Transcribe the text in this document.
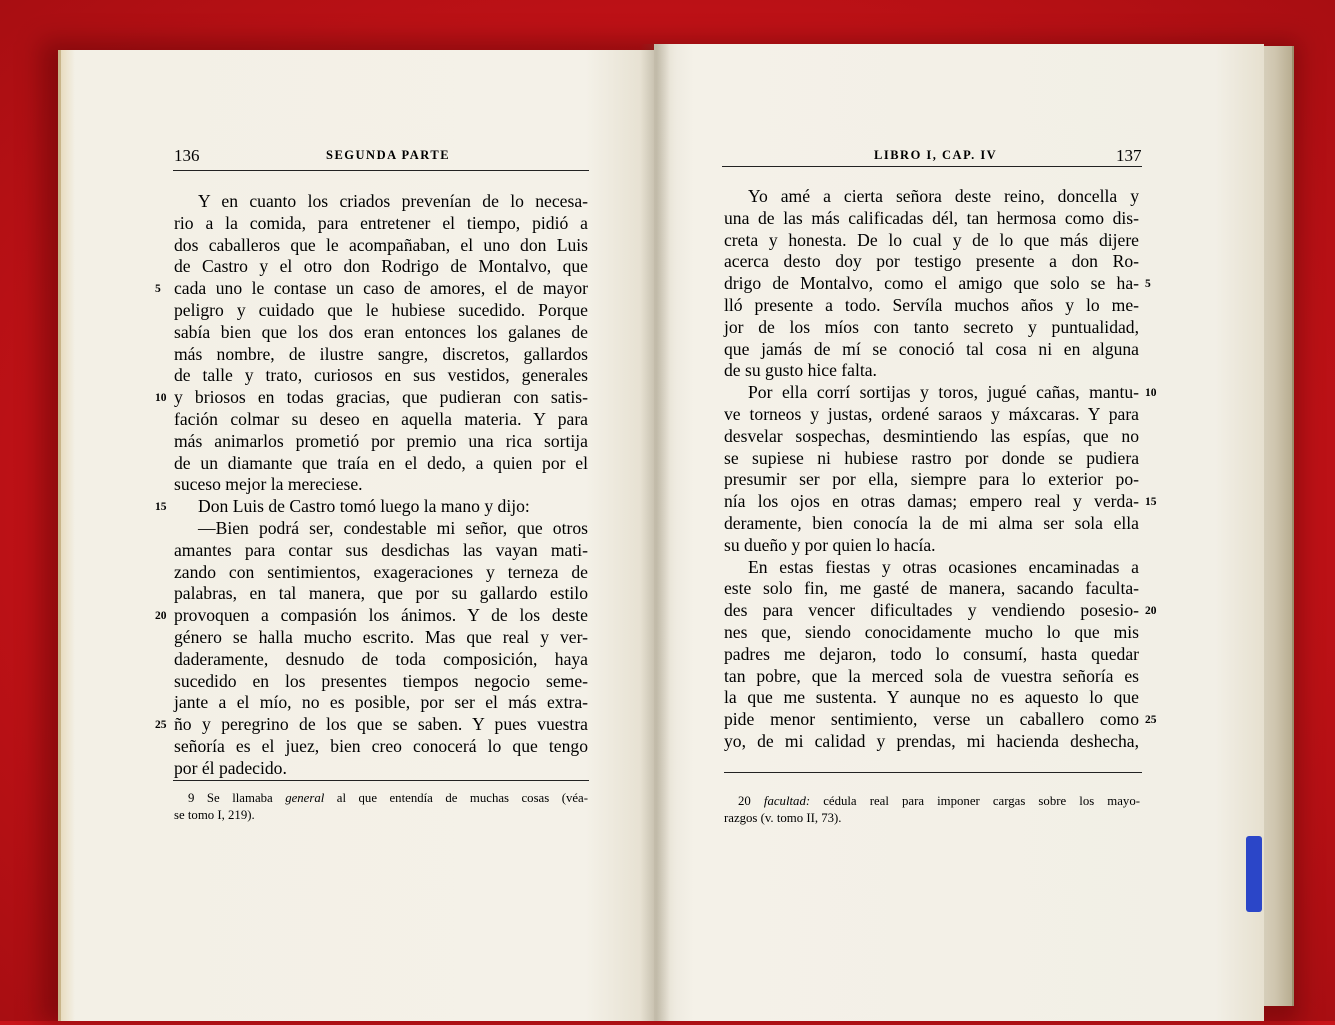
136	SEGUNDA PARTE
Y en cuanto los criados prevenían de lo necesa-
rio a la comida, para entretener el tiempo, pidió a
dos caballeros que le acompañaban, el uno don Luis
de Castro y el otro don Rodrigo de Montalvo, que
cada uno le contase un caso de amores, el de mayor
peligro y cuidado que le hubiese sucedido. Porque
sabía bien que los dos eran entonces los galanes de
más nombre, de ilustre sangre, discretos, gallardos
de talle y trato, curiosos en sus vestidos, generales
y briosos en todas gracias, que pudieran con satis-
fación colmar su deseo en aquella materia. Y para
más animarlos prometió por premio una rica sortija
de un diamante que traía en el dedo, a quien por el
suceso mejor la mereciese.
Don Luis de Castro tomó luego la mano y dijo:
—Bien podrá ser, condestable mi señor, que otros
amantes para contar sus desdichas las vayan mati-
zando con sentimientos, exageraciones y terneza de
palabras, en tal manera, que por su gallardo estilo
provoquen a compasión los ánimos. Y de los deste
género se halla mucho escrito. Mas que real y ver-
daderamente, desnudo de toda composición, haya
sucedido en los presentes tiempos negocio seme-
jante a el mío, no es posible, por ser el más extra-
ño y peregrino de los que se saben. Y pues vuestra
señoría es el juez, bien creo conocerá lo que tengo
por él padecido.
5
10
15
20
25
9 Se llamaba general al que entendía de muchas cosas (véa-
se tomo I, 219).
LIBRO I, CAP. IV	137
Yo amé a cierta señora deste reino, doncella y
una de las más calificadas dél, tan hermosa como dis-
creta y honesta. De lo cual y de lo que más dijere
acerca desto doy por testigo presente a don Ro-
drigo de Montalvo, como el amigo que solo se ha-
lló presente a todo. Servíla muchos años y lo me-
jor de los míos con tanto secreto y puntualidad,
que jamás de mí se conoció tal cosa ni en alguna
de su gusto hice falta.
Por ella corrí sortijas y toros, jugué cañas, mantu-
ve torneos y justas, ordené saraos y máxcaras. Y para
desvelar sospechas, desmintiendo las espías, que no
se supiese ni hubiese rastro por donde se pudiera
presumir ser por ella, siempre para lo exterior po-
nía los ojos en otras damas; empero real y verda-
deramente, bien conocía la de mi alma ser sola ella
su dueño y por quien lo hacía.
En estas fiestas y otras ocasiones encaminadas a
este solo fin, me gasté de manera, sacando facultа-
des para vencer dificultades y vendiendo posesio-
nes que, siendo conocidamente mucho lo que mis
padres me dejaron, todo lo consumí, hasta quedar
tan pobre, que la merced sola de vuestra señoría es
la que me sustenta. Y aunque no es aquesto lo que
pide menor sentimiento, verse un caballero como
yo, de mi calidad y prendas, mi hacienda deshecha,
5
10
15
20
25
20 facultad: cédula real para imponer cargas sobre los mayo-
razgos (v. tomo II, 73).
